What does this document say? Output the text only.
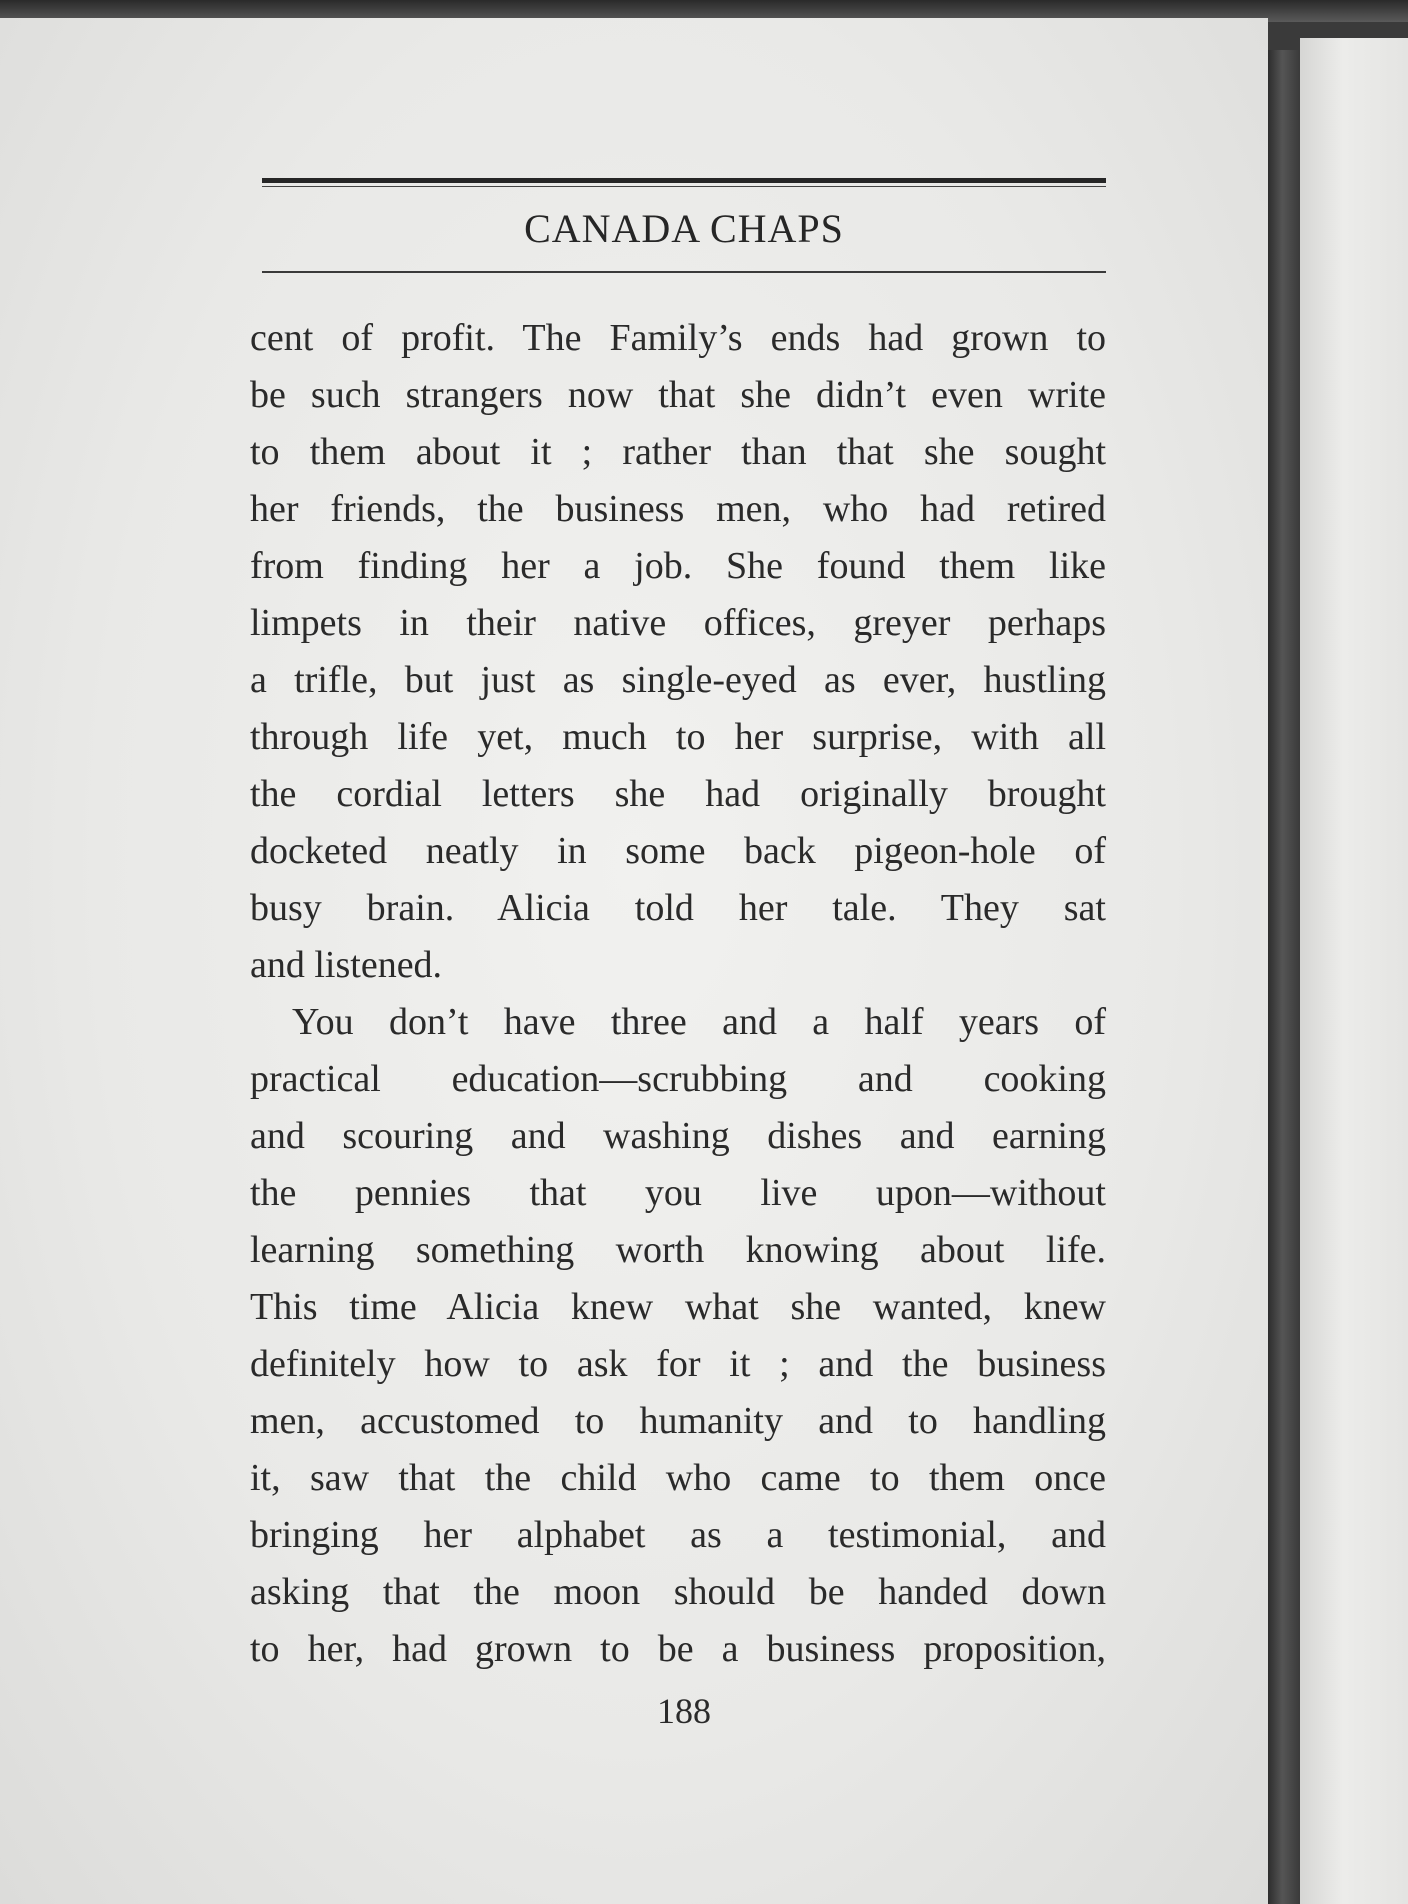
CANADA CHAPS
cent of profit. The Family’s ends had grown to
be such strangers now that she didn’t even write
to them about it ; rather than that she sought
her friends, the business men, who had retired
from finding her a job. She found them like
limpets in their native offices, greyer perhaps
a trifle, but just as single-eyed as ever, hustling
through life yet, much to her surprise, with all
the cordial letters she had originally brought
docketed neatly in some back pigeon-hole of
busy brain. Alicia told her tale. They sat
and listened.
You don’t have three and a half years of
practical education—scrubbing and cooking
and scouring and washing dishes and earning
the pennies that you live upon—without
learning something worth knowing about life.
This time Alicia knew what she wanted, knew
definitely how to ask for it ; and the business
men, accustomed to humanity and to handling
it, saw that the child who came to them once
bringing her alphabet as a testimonial, and
asking that the moon should be handed down
to her, had grown to be a business proposition,
188
